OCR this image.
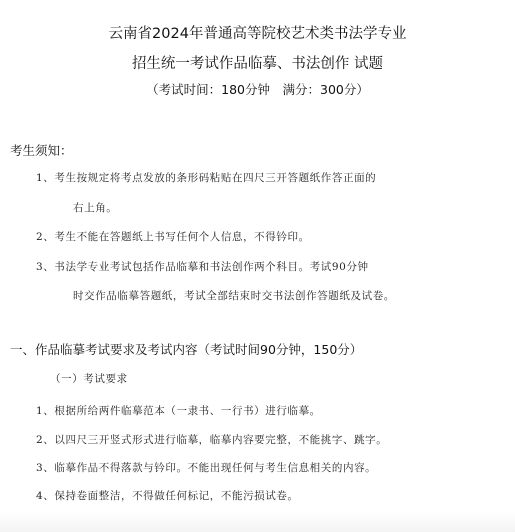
云南省2024年普通高等院校艺术类书法学专业
招生统一考试作品临摹、书法创作 试题
（考试时间：180分钟　满分：300分）
考生须知：
1、考生按规定将考点发放的条形码粘贴在四尺三开答题纸作答正面的
右上角。
2、考生不能在答题纸上书写任何个人信息，不得钤印。
3、书法学专业考试包括作品临摹和书法创作两个科目。考试90分钟
时交作品临摹答题纸，考试全部结束时交书法创作答题纸及试卷。
一、作品临摹考试要求及考试内容（考试时间90分钟，150分）
（一）考试要求
1、根据所给两件临摹范本（一隶书、一行书）进行临摹。
2、以四尺三开竖式形式进行临摹，临摹内容要完整，不能挑字、跳字。
3、临摹作品不得落款与钤印。不能出现任何与考生信息相关的内容。
4、保持卷面整洁，不得做任何标记，不能污损试卷。
